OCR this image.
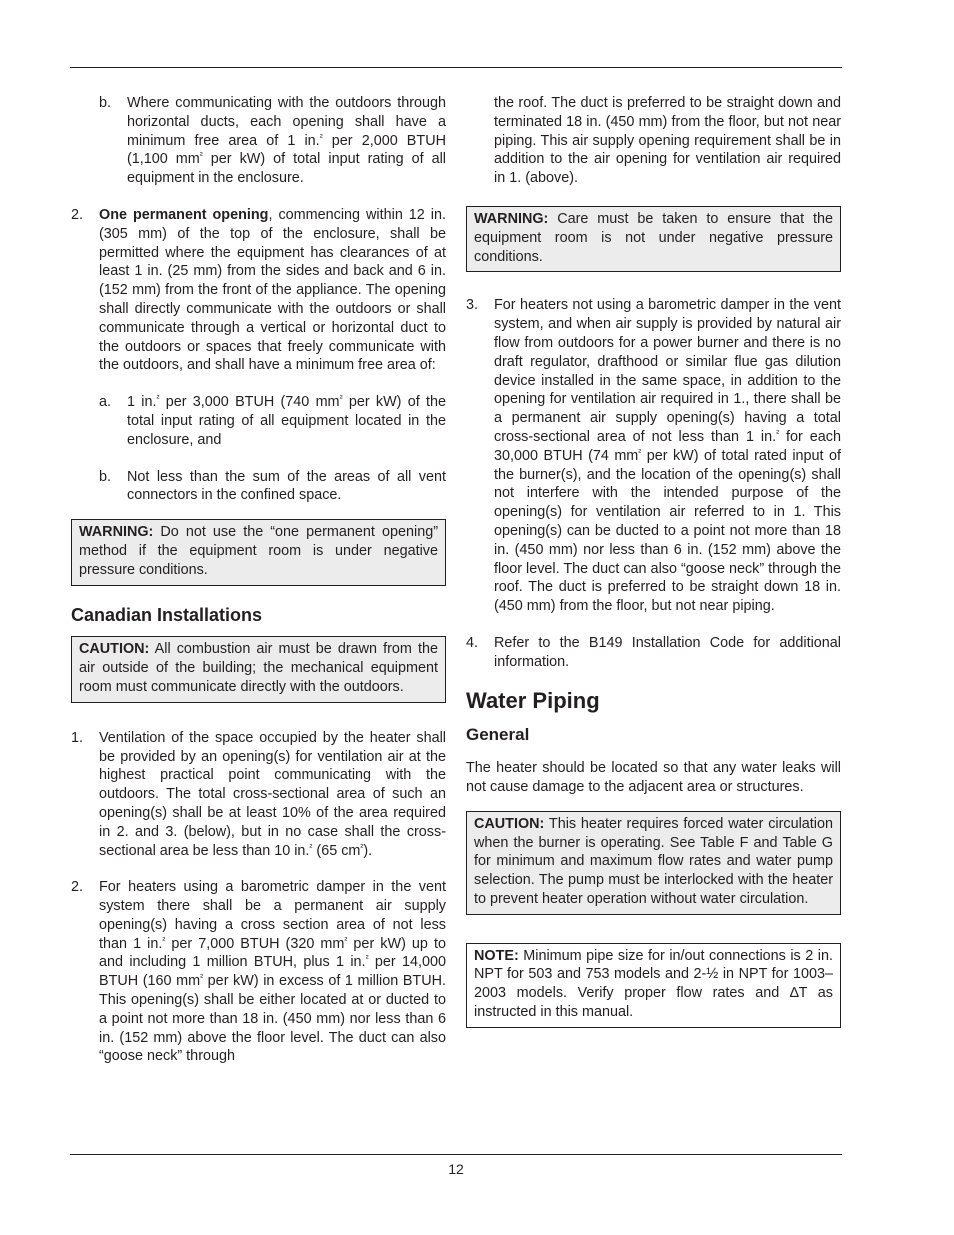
b. Where communicating with the outdoors through horizontal ducts, each opening shall have a minimum free area of 1 in.$^{^2}$ per 2,000 BTUH (1,100 $mm^{^2}$ per kW) of total input rating of all equipment in the enclosure.
2. One permanent opening, commencing within 12 in. (305 mm) of the top of the enclosure, shall be permitted where the equipment has clearances of at least 1 in. (25 mm) from the sides and back and 6 in. (152 mm) from the front of the appliance. The opening shall directly communicate with the outdoors or shall communicate through a vertical or horizontal duct to the outdoors or spaces that freely communicate with the outdoors, and shall have a minimum free area of:
a. 1 in.$^{^2}$ per 3,000 BTUH (740 $mm^{^2}$ per kW) of the total input rating of all equipment located in the enclosure, and
b. Not less than the sum of the areas of all vent connectors in the confined space.
WARNING: Do not use the “one permanent opening” method if the equipment room is under negative pressure conditions.
Canadian Installations
CAUTION: All combustion air must be drawn from the air outside of the building; the mechanical equipment room must communicate directly with the outdoors.
1. Ventilation of the space occupied by the heater shall be provided by an opening(s) for ventilation air at the highest practical point communicating with the outdoors. The total cross-sectional area of such an opening(s) shall be at least 10% of the area required in 2. and 3. (below), but in no case shall the cross-sectional area be less than 10 in.$^{^2}$ (65 $cm^{^2}$).
2. For heaters using a barometric damper in the vent system there shall be a permanent air supply opening(s) having a cross section area of not less than 1 in.$^{^2}$ per 7,000 BTUH (320 $mm^{^2}$ per kW) up to and including 1 million BTUH, plus 1 in.$^{^2}$ per 14,000 BTUH (160 $mm^{^2}$ per kW) in excess of 1 million BTUH. This opening(s) shall be either located at or ducted to a point not more than 18 in. (450 mm) nor less than 6 in. (152 mm) above the floor level. The duct can also “goose neck” through
the roof. The duct is preferred to be straight down and terminated 18 in. (450 mm) from the floor, but not near piping. This air supply opening requirement shall be in addition to the air opening for ventilation air required in 1. (above).
WARNING: Care must be taken to ensure that the equipment room is not under negative pressure conditions.
3. For heaters not using a barometric damper in the vent system, and when air supply is provided by natural air flow from outdoors for a power burner and there is no draft regulator, drafthood or similar flue gas dilution device installed in the same space, in addition to the opening for ventilation air required in 1., there shall be a permanent air supply opening(s) having a total cross-sectional area of not less than 1 in.$^{^2}$ for each 30,000 BTUH (74 $mm^{^2}$ per kW) of total rated input of the burner(s), and the location of the opening(s) shall not interfere with the intended purpose of the opening(s) for ventilation air referred to in 1. This opening(s) can be ducted to a point not more than 18 in. (450 mm) nor less than 6 in. (152 mm) above the floor level. The duct can also “goose neck” through the roof. The duct is preferred to be straight down 18 in. (450 mm) from the floor, but not near piping.
4. Refer to the B149 Installation Code for additional information.
Water Piping
General
The heater should be located so that any water leaks will not cause damage to the adjacent area or structures.
CAUTION: This heater requires forced water circulation when the burner is operating. See Table F and Table G for minimum and maximum flow rates and water pump selection. The pump must be interlocked with the heater to prevent heater operation without water circulation.
NOTE: Minimum pipe size for in/out connections is 2 in. NPT for 503 and 753 models and 2-½ in NPT for 1003–2003 models. Verify proper flow rates and ∆T as instructed in this manual.
12
